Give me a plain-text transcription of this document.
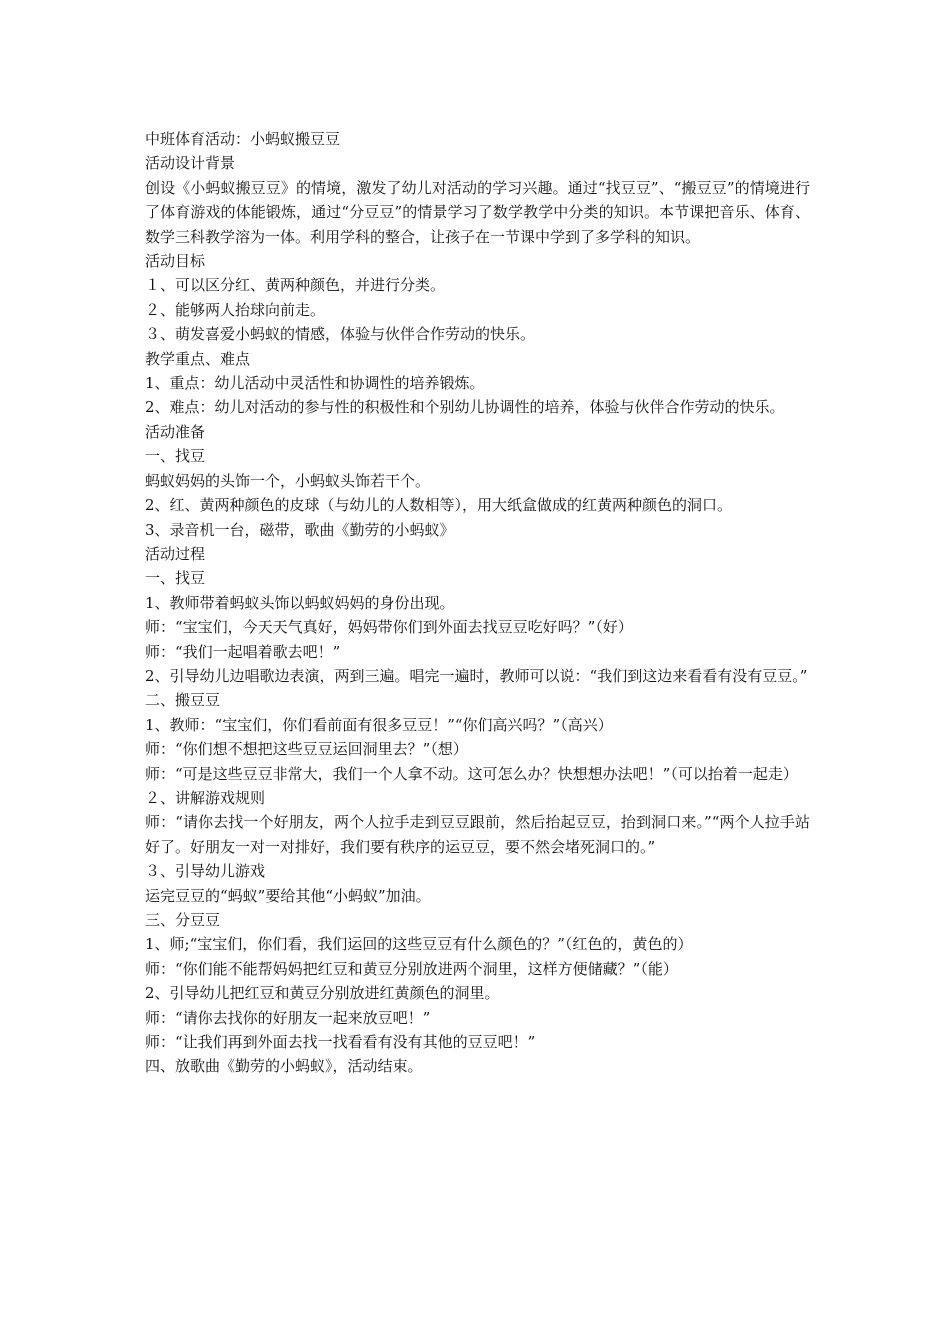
中班体育活动：小蚂蚁搬豆豆

活动设计背景

创设《小蚂蚁搬豆豆》的情境，激发了幼儿对活动的学习兴趣。通过“找豆豆”、“搬豆豆”的情境进行了体育游戏的体能锻炼，通过“分豆豆”的情景学习了数学教学中分类的知识。本节课把音乐、体育、数学三科教学溶为一体。利用学科的整合，让孩子在一节课中学到了多学科的知识。

活动目标

１、可以区分红、黄两种颜色，并进行分类。

２、能够两人抬球向前走。

３、萌发喜爱小蚂蚁的情感，体验与伙伴合作劳动的快乐。

教学重点、难点

1、重点：幼儿活动中灵活性和协调性的培养锻炼。

2、难点：幼儿对活动的参与性的积极性和个别幼儿协调性的培养，体验与伙伴合作劳动的快乐。

活动准备

一、找豆

蚂蚁妈妈的头饰一个，小蚂蚁头饰若干个。

2、红、黄两种颜色的皮球（与幼儿的人数相等），用大纸盒做成的红黄两种颜色的洞口。

3、录音机一台，磁带，歌曲《勤劳的小蚂蚁》

活动过程

一、找豆

1、教师带着蚂蚁头饰以蚂蚁妈妈的身份出现。

师：“宝宝们，今天天气真好，妈妈带你们到外面去找豆豆吃好吗？”（好）

师：“我们一起唱着歌去吧！”

2、引导幼儿边唱歌边表演，两到三遍。唱完一遍时，教师可以说：“我们到这边来看看有没有豆豆。”

二、搬豆豆

1、教师：“宝宝们，你们看前面有很多豆豆！”“你们高兴吗？”（高兴）

师：“你们想不想把这些豆豆运回洞里去？”（想）

师：“可是这些豆豆非常大，我们一个人拿不动。这可怎么办？快想想办法吧！”（可以抬着一起走）

２、讲解游戏规则

师：“请你去找一个好朋友，两个人拉手走到豆豆跟前，然后抬起豆豆，抬到洞口来。”“两个人拉手站好了。好朋友一对一对排好，我们要有秩序的运豆豆，要不然会堵死洞口的。”

３、引导幼儿游戏

运完豆豆的“蚂蚁”要给其他“小蚂蚁”加油。

三、分豆豆

1、师;“宝宝们，你们看，我们运回的这些豆豆有什么颜色的？”（红色的，黄色的）

师：“你们能不能帮妈妈把红豆和黄豆分别放进两个洞里，这样方便储藏？”（能）

2、引导幼儿把红豆和黄豆分别放进红黄颜色的洞里。

师：“请你去找你的好朋友一起来放豆吧！”

师：“让我们再到外面去找一找看看有没有其他的豆豆吧！”

四、放歌曲《勤劳的小蚂蚁》，活动结束。
